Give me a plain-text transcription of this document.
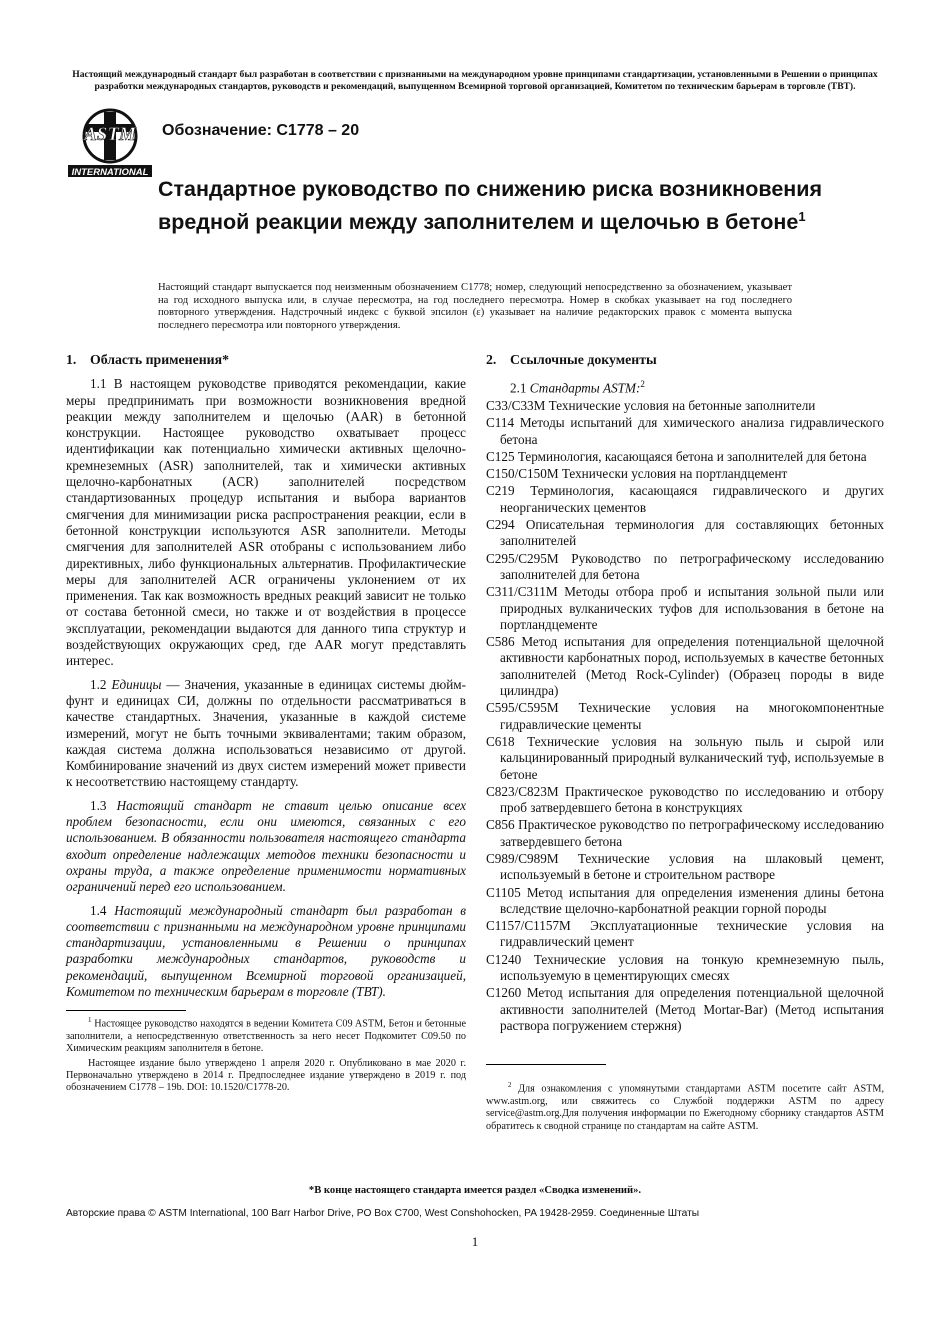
Настоящий международный стандарт был разработан в соответствии с признанными на международном уровне принципами стандартизации, установленными в Решении о принципах разработки международных стандартов, руководств и рекомендаций, выпущенном Всемирной торговой организацией, Комитетом по техническим барьерам в торговле (ТВТ).
ASTM
INTERNATIONAL
Обозначение: C1778 – 20
Стандартное руководство по снижению риска возникновения вредной реакции между заполнителем и щелочью в бетоне$^1$
Настоящий стандарт выпускается под неизменным обозначением C1778; номер, следующий непосредственно за обозначением, указывает на год исходного выпуска или, в случае пересмотра, на год последнего пересмотра. Номер в скобках указывает на год последнего повторного утверждения. Надстрочный индекс с буквой эпсилон (ε) указывает на наличие редакторских правок с момента выпуска последнего пересмотра или повторного утверждения.
1. Область применения*

1.1 В настоящем руководстве приводятся рекомендации, какие меры предпринимать при возможности возникновения вредной реакции между заполнителем и щелочью (AAR) в бетонной конструкции. Настоящее руководство охватывает процесс идентификации как потенциально химически активных щелочно-кремнеземных (ASR) заполнителей, так и химически активных щелочно-карбонатных (ACR) заполнителей посредством стандартизованных процедур испытания и выбора вариантов смягчения для минимизации риска распространения реакции, если в бетонной конструкции используются ASR заполнители. Методы смягчения для заполнителей ASR отобраны с использованием либо директивных, либо функциональных альтернатив. Профилактические меры для заполнителей ACR ограничены уклонением от их применения. Так как возможность вредных реакций зависит не только от состава бетонной смеси, но также и от воздействия в процессе эксплуатации, рекомендации выдаются для данного типа структур и воздействующих окружающих сред, где AAR могут представлять интерес.

1.2 Единицы — Значения, указанные в единицах системы дюйм-фунт и единицах СИ, должны по отдельности рассматриваться в качестве стандартных. Значения, указанные в каждой системе измерений, могут не быть точными эквивалентами; таким образом, каждая система должна использоваться независимо от другой. Комбинирование значений из двух систем измерений может привести к несоответствию настоящему стандарту.

1.3 Настоящий стандарт не ставит целью описание всех проблем безопасности, если они имеются, связанных с его использованием. В обязанности пользователя настоящего стандарта входит определение надлежащих методов техники безопасности и охраны труда, а также определение применимости нормативных ограничений перед его использованием.

1.4 Настоящий международный стандарт был разработан в соответствии с признанными на международном уровне принципами стандартизации, установленными в Решении о принципах разработки международных стандартов, руководств и рекомендаций, выпущенном Всемирной торговой организацией, Комитетом по техническим барьерам в торговле (ТВТ).

$^1$ Настоящее руководство находятся в ведении Комитета C09 ASTM, Бетон и бетонные заполнители, а непосредственную ответственность за него несет Подкомитет C09.50 по Химическим реакциям заполнителя в бетоне.

Настоящее издание было утверждено 1 апреля 2020 г. Опубликовано в мае 2020 г. Первоначально утверждено в 2014 г. Предпоследнее издание утверждено в 2019 г. под обозначением C1778 – 19b. DOI: 10.1520/C1778-20.

2. Ссылочные документы
2.1 Стандарты ASTM:$^2$
C33/C33M Технические условия на бетонные заполнители
C114 Методы испытаний для химического анализа гидравлического бетона
C125 Терминология, касающаяся бетона и заполнителей для бетона
C150/C150M Технически условия на портландцемент
C219 Терминология, касающаяся гидравлического и других неорганических цементов
C294 Описательная терминология для составляющих бетонных заполнителей
C295/C295M Руководство по петрографическому исследованию заполнителей для бетона
C311/C311M Методы отбора проб и испытания зольной пыли или природных вулканических туфов для использования в бетоне на портландцементе
C586 Метод испытания для определения потенциальной щелочной активности карбонатных пород, используемых в качестве бетонных заполнителей (Метод Rock-Cylinder) (Образец породы в виде цилиндра)
C595/C595M Технические условия на многокомпонентные гидравлические цементы
C618 Технические условия на зольную пыль и сырой или кальцинированный природный вулканический туф, используемые в бетоне
C823/C823M Практическое руководство по исследованию и отбору проб затвердевшего бетона в конструкциях
C856 Практическое руководство по петрографическому исследованию затвердевшего бетона
C989/C989M Технические условия на шлаковый цемент, используемый в бетоне и строительном растворе
C1105 Метод испытания для определения изменения длины бетона вследствие щелочно-карбонатной реакции горной породы
C1157/C1157M Эксплуатационные технические условия на гидравлический цемент
C1240 Технические условия на тонкую кремнеземную пыль, используемую в цементирующих смесях
C1260 Метод испытания для определения потенциальной щелочной активности заполнителей (Метод Mortar-Bar) (Метод испытания раствора погружением стержня)

$^2$ Для ознакомления с упомянутыми стандартами ASTM посетите сайт ASTM, www.astm.org, или свяжитесь со Службой поддержки ASTM по адресу service@astm.org.Для получения информации по Ежегодному сборнику стандартов ASTM обратитесь к сводной странице по стандартам на сайте ASTM.

*В конце настоящего стандарта имеется раздел «Сводка изменений».
Авторские права © ASTM International, 100 Barr Harbor Drive, PO Box C700, West Conshohocken, PA 19428-2959. Соединенные Штаты
1
